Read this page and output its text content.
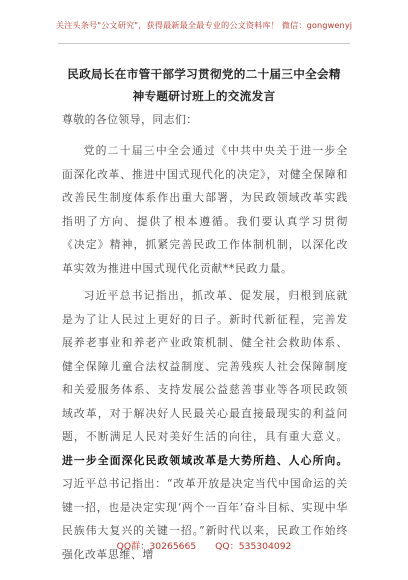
关注头条号"公文研究"，获得最新最全最专业的公文资料库！ 微信：gongwenyj
民政局长在市管干部学习贯彻党的二十届三中全会精神专题研讨班上的交流发言
尊敬的各位领导，同志们：

党的二十届三中全会通过《中共中央关于进一步全面深化改革、推进中国式现代化的决定》，对健全保障和改善民生制度体系作出重大部署，为民政领域改革实践指明了方向、提供了根本遵循。我们要认真学习贯彻《决定》精神，抓紧完善民政工作体制机制，以深化改革实效为推进中国式现代化贡献**民政力量。

习近平总书记指出，抓改革、促发展，归根到底就是为了让人民过上更好的日子。新时代新征程，完善发展养老事业和养老产业政策机制、健全社会救助体系、健全保障儿童合法权益制度、完善残疾人社会保障制度和关爱服务体系、支持发展公益慈善事业等各项民政领域改革，对于解决好人民最关心最直接最现实的利益问题，不断满足人民对美好生活的向往，具有重大意义。进一步全面深化民政领域改革是大势所趋、人心所向。习近平总书记指出：“改革开放是决定当代中国命运的关键一招，也是决定实现‘两个一百年’奋斗目标、实现中华民族伟大复兴的关键一招。”新时代以来，民政工作始终强化改革思维、增

QQ群：30265665 QQ：535304092
